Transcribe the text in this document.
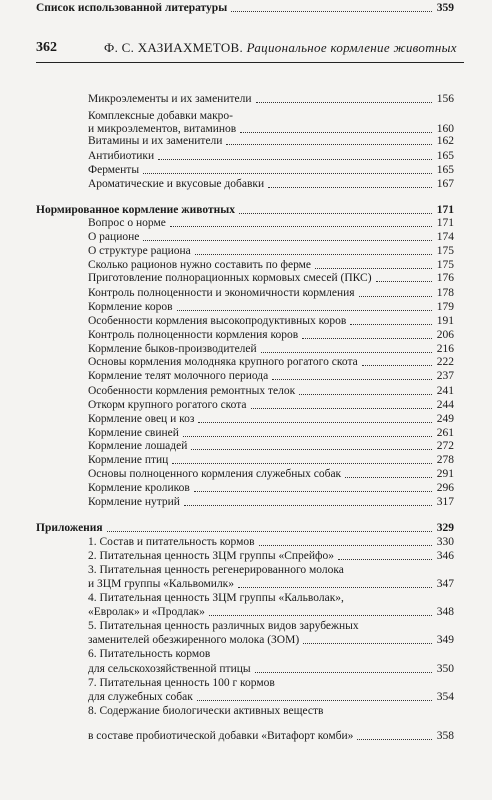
362	Ф. С. ХАЗИАХМЕТОВ. Рациональное кормление животных
Микроэлементы и их заменители	156
Комплексные добавки макро-
и микроэлементов, витаминов	160
Витамины и их заменители	162
Антибиотики	165
Ферменты	165
Ароматические и вкусовые добавки	167
Нормированное кормление животных	171
Вопрос о норме	171
О рационе	174
О структуре рациона	175
Сколько рационов нужно составить по ферме	175
Приготовление полнорационных кормовых смесей (ПКС)	176
Контроль полноценности и экономичности кормления	178
Кормление коров	179
Особенности кормления высокопродуктивных коров	191
Контроль полноценности кормления коров	206
Кормление быков-производителей	216
Основы кормления молодняка крупного рогатого скота	222
Кормление телят молочного периода	237
Особенности кормления ремонтных телок	241
Откорм крупного рогатого скота	244
Кормление овец и коз	249
Кормление свиней	261
Кормление лошадей	272
Кормление птиц	278
Основы полноценного кормления служебных собак	291
Кормление кроликов	296
Кормление нутрий	317
Приложения	329
1. Состав и питательность кормов	330
2. Питательная ценность ЗЦМ группы «Спрейфо»	346
3. Питательная ценность регенерированного молока
и ЗЦМ группы «Кальвомилк»	347
4. Питательная ценность ЗЦМ группы «Кальволак»,
«Евролак» и «Продлак»	348
5. Питательная ценность различных видов зарубежных
заменителей обезжиренного молока (ЗОМ)	349
6. Питательность кормов
для сельскохозяйственной птицы	350
7. Питательная ценность 100 г кормов
для служебных собак	354
8. Содержание биологически активных веществ
в составе пробиотической добавки «Витафорт комби»	358
Список использованной литературы	359
